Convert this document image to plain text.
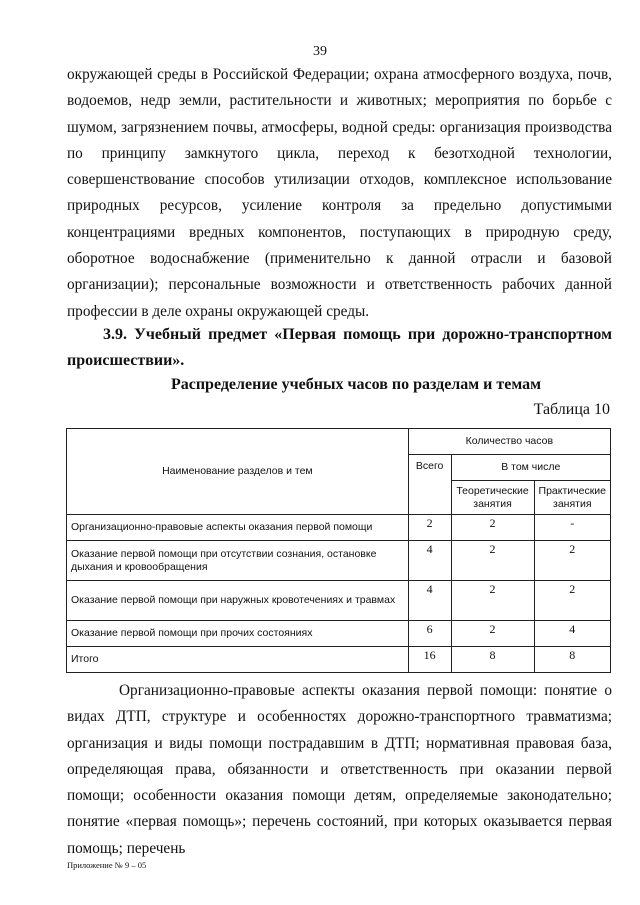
39
окружающей среды в Российской Федерации; охрана атмосферного воздуха, почв, водоемов, недр земли, растительности и животных; мероприятия по борьбе с шумом, загрязнением почвы, атмосферы, водной среды: организация производства по принципу замкнутого цикла, переход к безотходной технологии, совершенствование способов утилизации отходов, комплексное использование природных ресурсов, усиление контроля за предельно допустимыми концентрациями вредных компонентов, поступающих в природную среду, оборотное водоснабжение (применительно к данной отрасли и базовой организации); персональные возможности и ответственность рабочих данной профессии в деле охраны окружающей среды.
3.9. Учебный предмет «Первая помощь при дорожно-транспортном происшествии».
Распределение учебных часов по разделам и темам
Таблица 10
Наименование разделов и тем	Количество часов		
	Всего	В том числе	
		Теоретические занятия	Практические занятия
Организационно-правовые аспекты оказания первой помощи	2	2	-
Оказание первой помощи при отсутствии сознания, остановке дыхания и кровообращения	4	2	2
Оказание первой помощи при наружных кровотечениях и травмах	4	2	2
Оказание первой помощи при прочих состояниях	6	2	4
Итого	16	8	8
Организационно-правовые аспекты оказания первой помощи: понятие о видах ДТП, структуре и особенностях дорожно-транспортного травматизма; организация и виды помощи пострадавшим в ДТП; нормативная правовая база, определяющая права, обязанности и ответственность при оказании первой помощи; особенности оказания помощи детям, определяемые законодательно; понятие «первая помощь»; перечень состояний, при которых оказывается первая помощь; перечень
Приложение № 9 – 05
